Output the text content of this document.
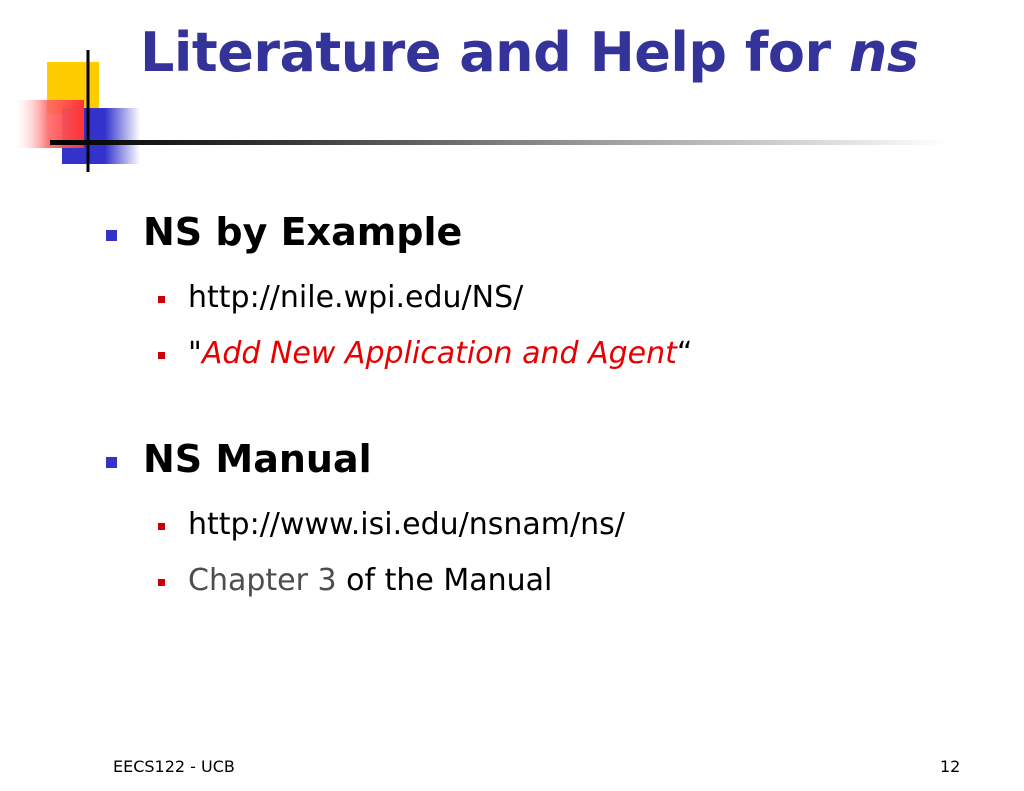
Literature and Help for ns
NS by Example
http://nile.wpi.edu/NS/
"Add New Application and Agent“
NS Manual
http://www.isi.edu/nsnam/ns/
Chapter 3 of the Manual
EECS122 - UCB	12
